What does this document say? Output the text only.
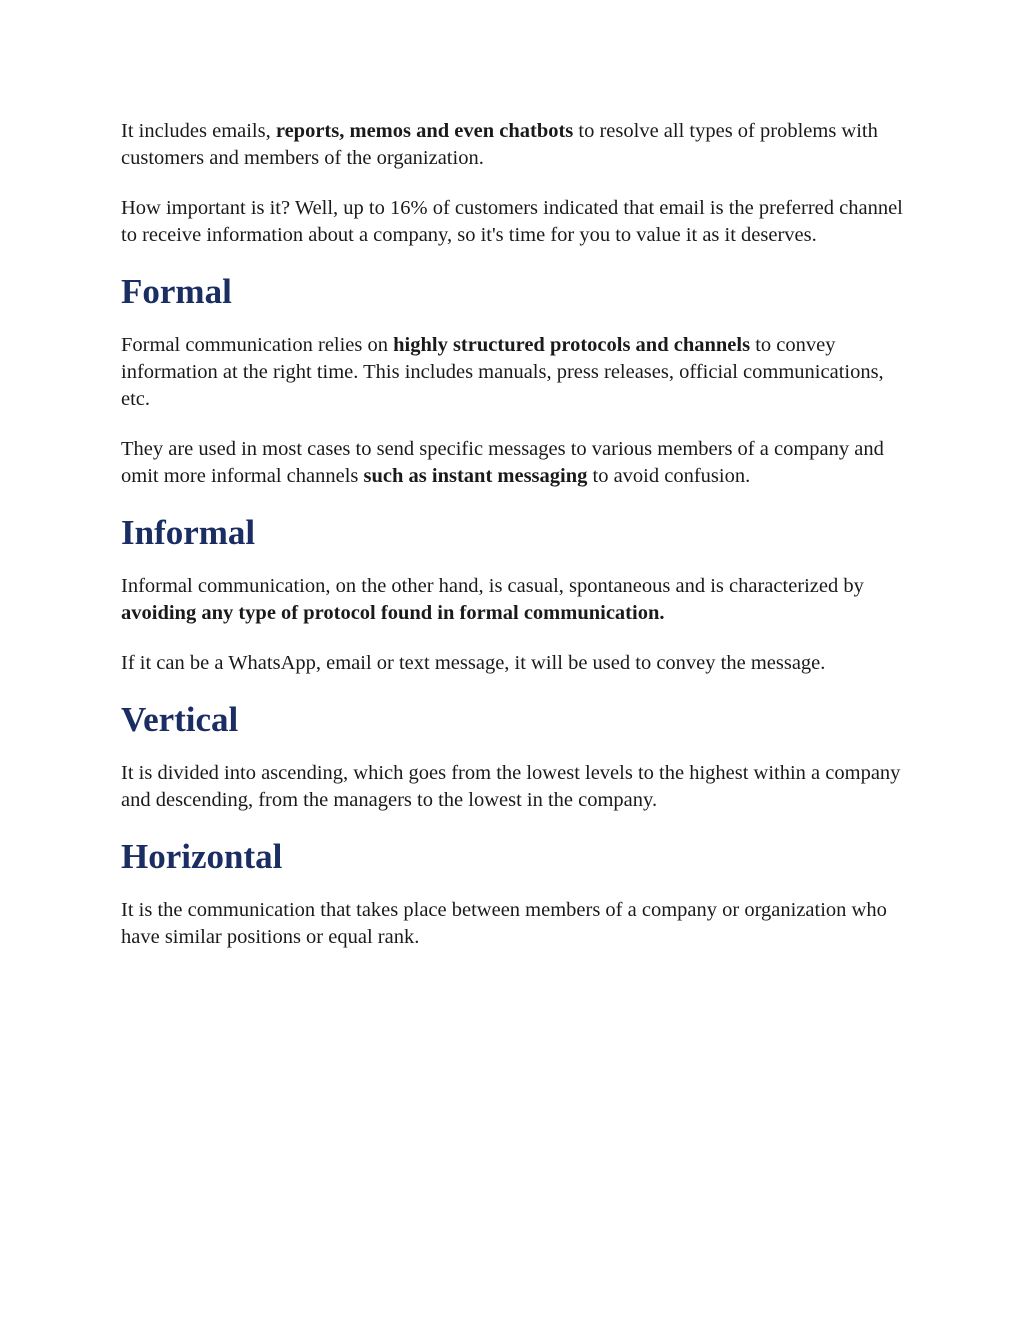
It includes emails, reports, memos and even chatbots to resolve all types of problems with customers and members of the organization.

How important is it? Well, up to 16% of customers indicated that email is the preferred channel to receive information about a company, so it's time for you to value it as it deserves.

Formal

Formal communication relies on highly structured protocols and channels to convey information at the right time. This includes manuals, press releases, official communications, etc.

They are used in most cases to send specific messages to various members of a company and omit more informal channels such as instant messaging to avoid confusion.

Informal

Informal communication, on the other hand, is casual, spontaneous and is characterized by avoiding any type of protocol found in formal communication.

If it can be a WhatsApp, email or text message, it will be used to convey the message.

Vertical

It is divided into ascending, which goes from the lowest levels to the highest within a company and descending, from the managers to the lowest in the company.

Horizontal

It is the communication that takes place between members of a company or organization who have similar positions or equal rank.
